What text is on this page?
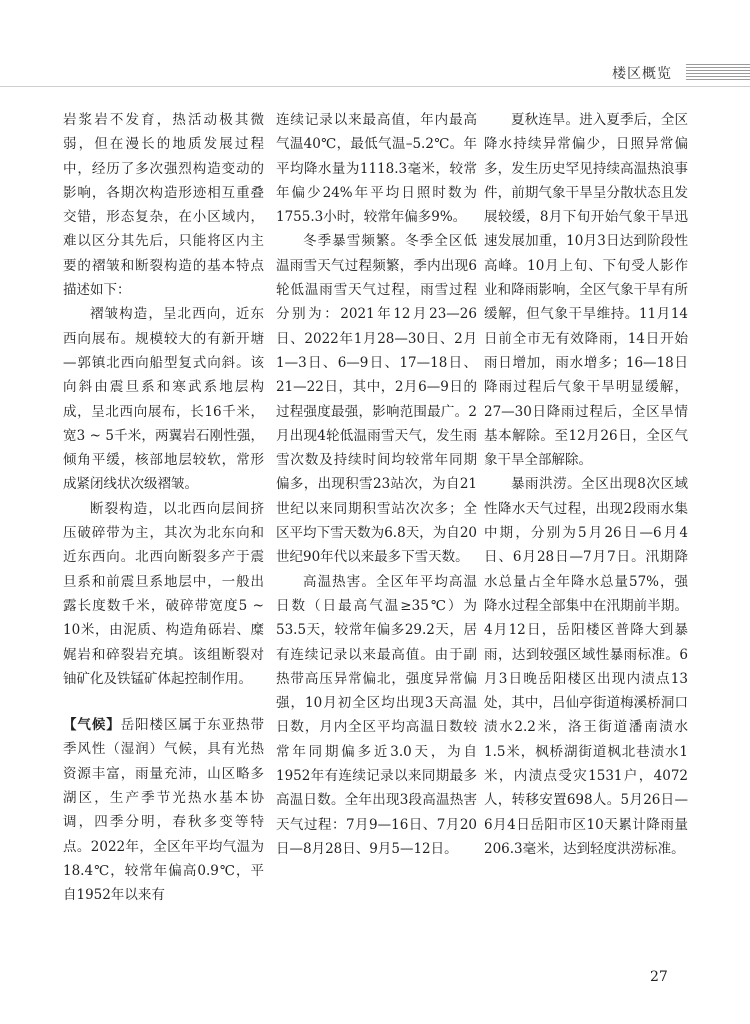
楼区概览

岩浆岩不发育，热活动极其微弱，但在漫长的地质发展过程中，经历了多次强烈构造变动的影响，各期次构造形迹相互重叠交错，形态复杂，在小区域内，难以区分其先后，只能将区内主要的褶皱和断裂构造的基本特点描述如下：

褶皱构造，呈北西向，近东西向展布。规模较大的有新开塘—郭镇北西向船型复式向斜。该向斜由震旦系和寒武系地层构成，呈北西向展布，长16千米，宽3 ~ 5千米，两翼岩石刚性强，倾角平缓，核部地层较软，常形成紧闭线状次级褶皱。

断裂构造，以北西向层间挤压破碎带为主，其次为北东向和近东西向。北西向断裂多产于震旦系和前震旦系地层中，一般出露长度数千米，破碎带宽度5 ~ 10米，由泥质、构造角砾岩、糜娓岩和碎裂岩充填。该组断裂对铀矿化及铁锰矿体起控制作用。

【气候】岳阳楼区属于东亚热带季风性（湿润）气候，具有光热资源丰富，雨量充沛，山区略多湖区，生产季节光热水基本协调，四季分明，春秋多变等特点。2022年，全区年平均气温为18.4℃，较常年偏高0.9℃，平自1952年以来有

连续记录以来最高值，年内最高气温40℃，最低气温–5.2℃。年平均降水量为1118.3毫米，较常年偏少24%年平均日照时数为1755.3小时，较常年偏多9%。

冬季暴雪频繁。冬季全区低温雨雪天气过程频繁，季内出现6轮低温雨雪天气过程，雨雪过程分别为：2021年12月23—26日、2022年1月28—30日、2月1—3日、6—9日、17—18日、21—22日，其中，2月6—9日的过程强度最强，影响范围最广。2月出现4轮低温雨雪天气，发生雨雪次数及持续时间均较常年同期偏多，出现积雪23站次，为自21世纪以来同期积雪站次次多；全区平均下雪天数为6.8天，为自20世纪90年代以来最多下雪天数。

高温热害。全区年平均高温日数（日最高气温≥35℃）为53.5天，较常年偏多29.2天，居有连续记录以来最高值。由于副热带高压异常偏北，强度异常偏强，10月初全区均出现3天高温日数，月内全区平均高温日数较常年同期偏多近3.0天，为自1952年有连续记录以来同期最多高温日数。全年出现3段高温热害天气过程：7月9—16日、7月20日—8月28日、9月5—12日。

夏秋连旱。进入夏季后，全区降水持续异常偏少，日照异常偏多，发生历史罕见持续高温热浪事件，前期气象干旱呈分散状态且发展较缓，8月下旬开始气象干旱迅速发展加重，10月3日达到阶段性高峰。10月上旬、下旬受人影作业和降雨影响，全区气象干旱有所缓解，但气象干旱维持。11月14日前全市无有效降雨，14日开始雨日增加，雨水增多；16—18日降雨过程后气象干旱明显缓解，27—30日降雨过程后，全区旱情基本解除。至12月26日，全区气象干旱全部解除。

暴雨洪涝。全区出现8次区域性降水天气过程，出现2段雨水集中期，分别为5月26日—6月4日、6月28日—7月7日。汛期降水总量占全年降水总量57%，强降水过程全部集中在汛期前半期。4月12日，岳阳楼区普降大到暴雨，达到较强区域性暴雨标准。6月3日晚岳阳楼区出现内渍点13处，其中，吕仙亭街道梅溪桥洞口渍水2.2米，洛王街道潘南渍水1.5米，枫桥湖街道枫北巷渍水1米，内渍点受灾1531户，4072人，转移安置698人。5月26日—6月4日岳阳市区10天累计降雨量206.3毫米，达到轻度洪涝标准。

27
